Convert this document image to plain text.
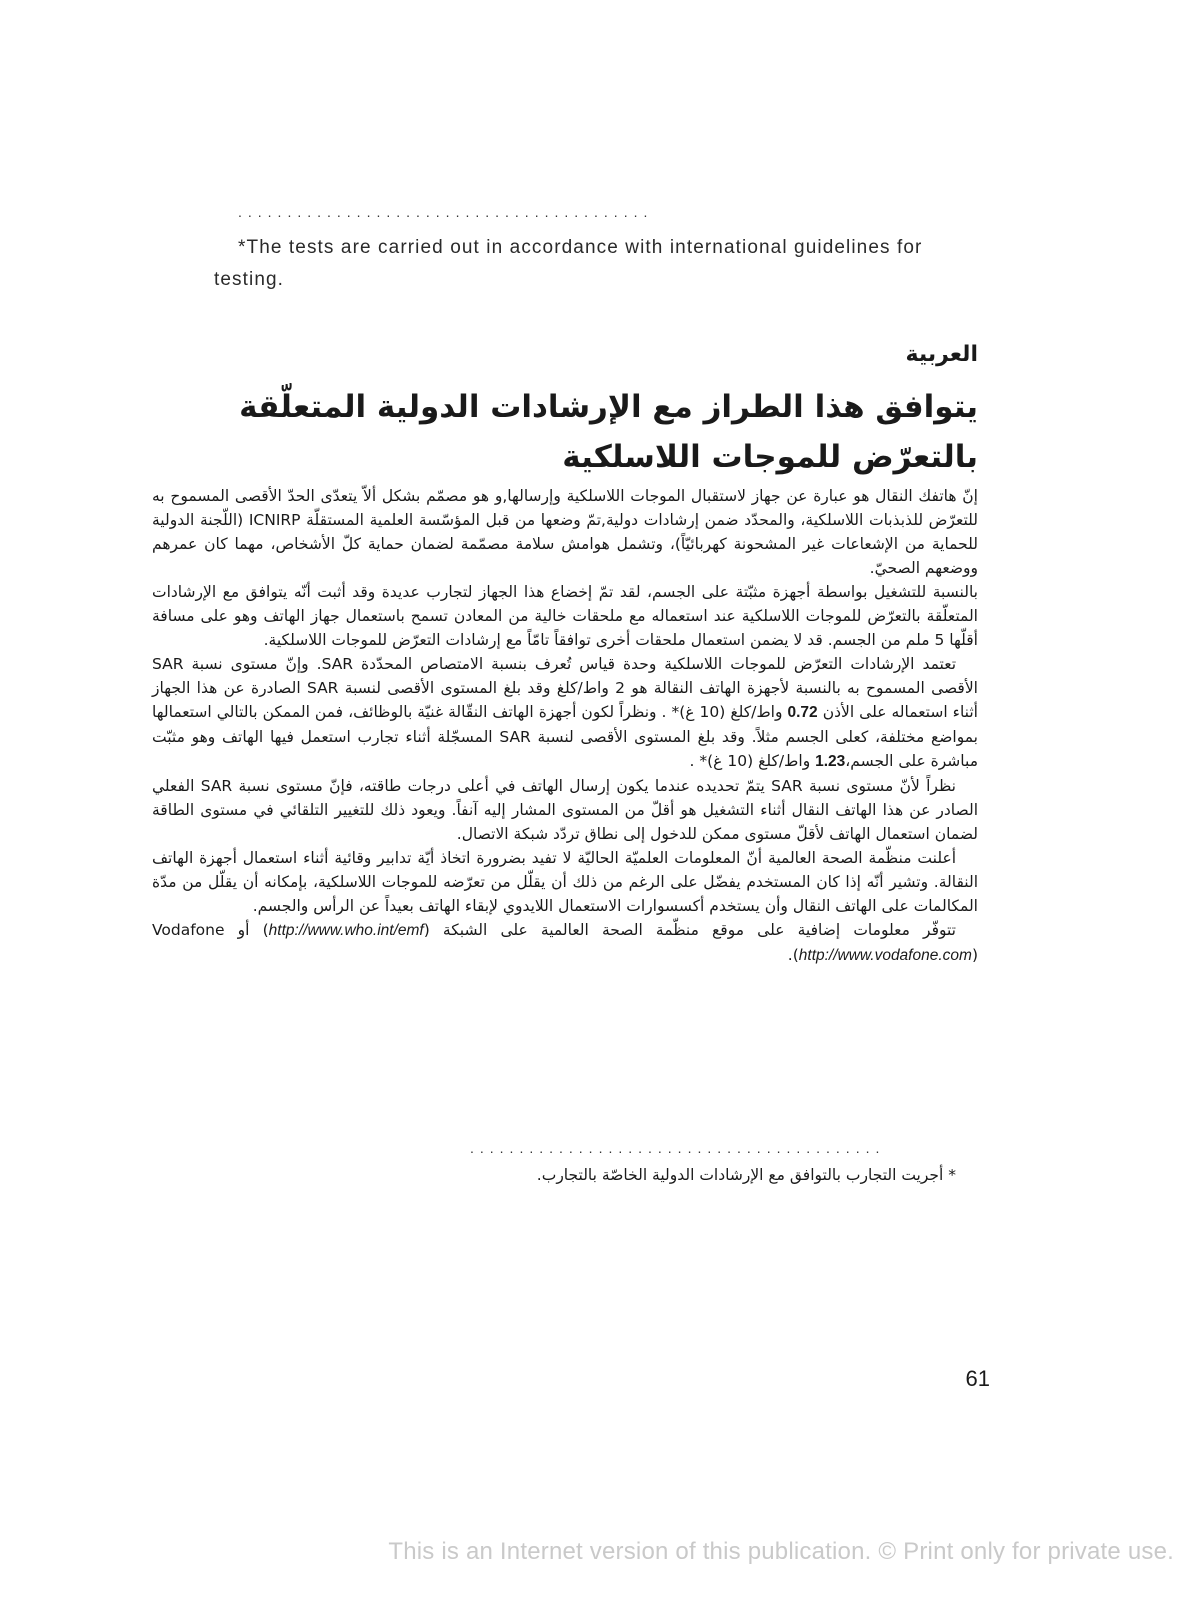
..........................................

*The tests are carried out in accordance with international guidelines for testing.

العربية
يتوافق هذا الطراز مع الإرشادات الدولية المتعلّقة بالتعرّض للموجات اللاسلكية

إنّ هاتفك النقال هو عبارة عن جهاز لاستقبال الموجات اللاسلكية وإرسالها,و هو مصمّم بشكل ألاّ يتعدّى الحدّ الأقصى المسموح به للتعرّض للذبذبات اللاسلكية، والمحدّد ضمن إرشادات دولية,تمّ وضعها من قبل المؤسّسة العلمية المستقلّة ICNIRP (اللّجنة الدولية للحماية من الإشعاعات غير المشحونة كهربائيّاً)، وتشمل هوامش سلامة مصمّمة لضمان حماية كلّ الأشخاص، مهما كان عمرهم ووضعهم الصحيّ.

بالنسبة للتشغيل بواسطة أجهزة مثبّتة على الجسم، لقد تمّ إخضاع هذا الجهاز لتجارب عديدة وقد أثبت أنّه يتوافق مع الإرشادات المتعلّقة بالتعرّض للموجات اللاسلكية عند استعماله مع ملحقات خالية من المعادن تسمح باستعمال جهاز الهاتف وهو على مسافة أقلّها 5 ملم من الجسم. قد لا يضمن استعمال ملحقات أخرى توافقاً تامّاً مع إرشادات التعرّض للموجات اللاسلكية.

تعتمد الإرشادات التعرّض للموجات اللاسلكية وحدة قياس تُعرف بنسبة الامتصاص المحدّدة SAR. وإنّ مستوى نسبة SAR الأقصى المسموح به بالنسبة لأجهزة الهاتف النقالة هو 2 واط/كلغ وقد بلغ المستوى الأقصى لنسبة SAR الصادرة عن هذا الجهاز أثناء استعماله على الأذن 0.72 واط/كلغ (10 غ)* . ونظراً لكون أجهزة الهاتف النقّالة غنيّة بالوظائف، فمن الممكن بالتالي استعمالها بمواضع مختلفة، كعلى الجسم مثلاً. وقد بلغ المستوى الأقصى لنسبة SAR المسجّلة أثناء تجارب استعمل فيها الهاتف وهو مثبّت مباشرة على الجسم،1.23 واط/كلغ (10 غ)* .

نظراً لأنّ مستوى نسبة SAR يتمّ تحديده عندما يكون إرسال الهاتف في أعلى درجات طاقته، فإنّ مستوى نسبة SAR الفعلي الصادر عن هذا الهاتف النقال أثناء التشغيل هو أقلّ من المستوى المشار إليه آنفاً. ويعود ذلك للتغيير التلقائي في مستوى الطاقة لضمان استعمال الهاتف لأقلّ مستوى ممكن للدخول إلى نطاق تردّد شبكة الاتصال.

أعلنت منظّمة الصحة العالمية أنّ المعلومات العلميّة الحاليّة لا تفيد بضرورة اتخاذ أيّة تدابير وقائية أثناء استعمال أجهزة الهاتف النقالة. وتشير أنّه إذا كان المستخدم يفضّل على الرغم من ذلك أن يقلّل من تعرّضه للموجات اللاسلكية، بإمكانه أن يقلّل من مدّة المكالمات على الهاتف النقال وأن يستخدم أكسسوارات الاستعمال اللايدوي لإبقاء الهاتف بعيداً عن الرأس والجسم.

تتوفّر معلومات إضافية على موقع منظّمة الصحة العالمية على الشبكة (http://www.who.int/emf) أو Vodafone (http://www.vodafone.com).

..........................................

* أجريت التجارب بالتوافق مع الإرشادات الدولية الخاصّة بالتجارب.

61

This is an Internet version of this publication. © Print only for private use.
